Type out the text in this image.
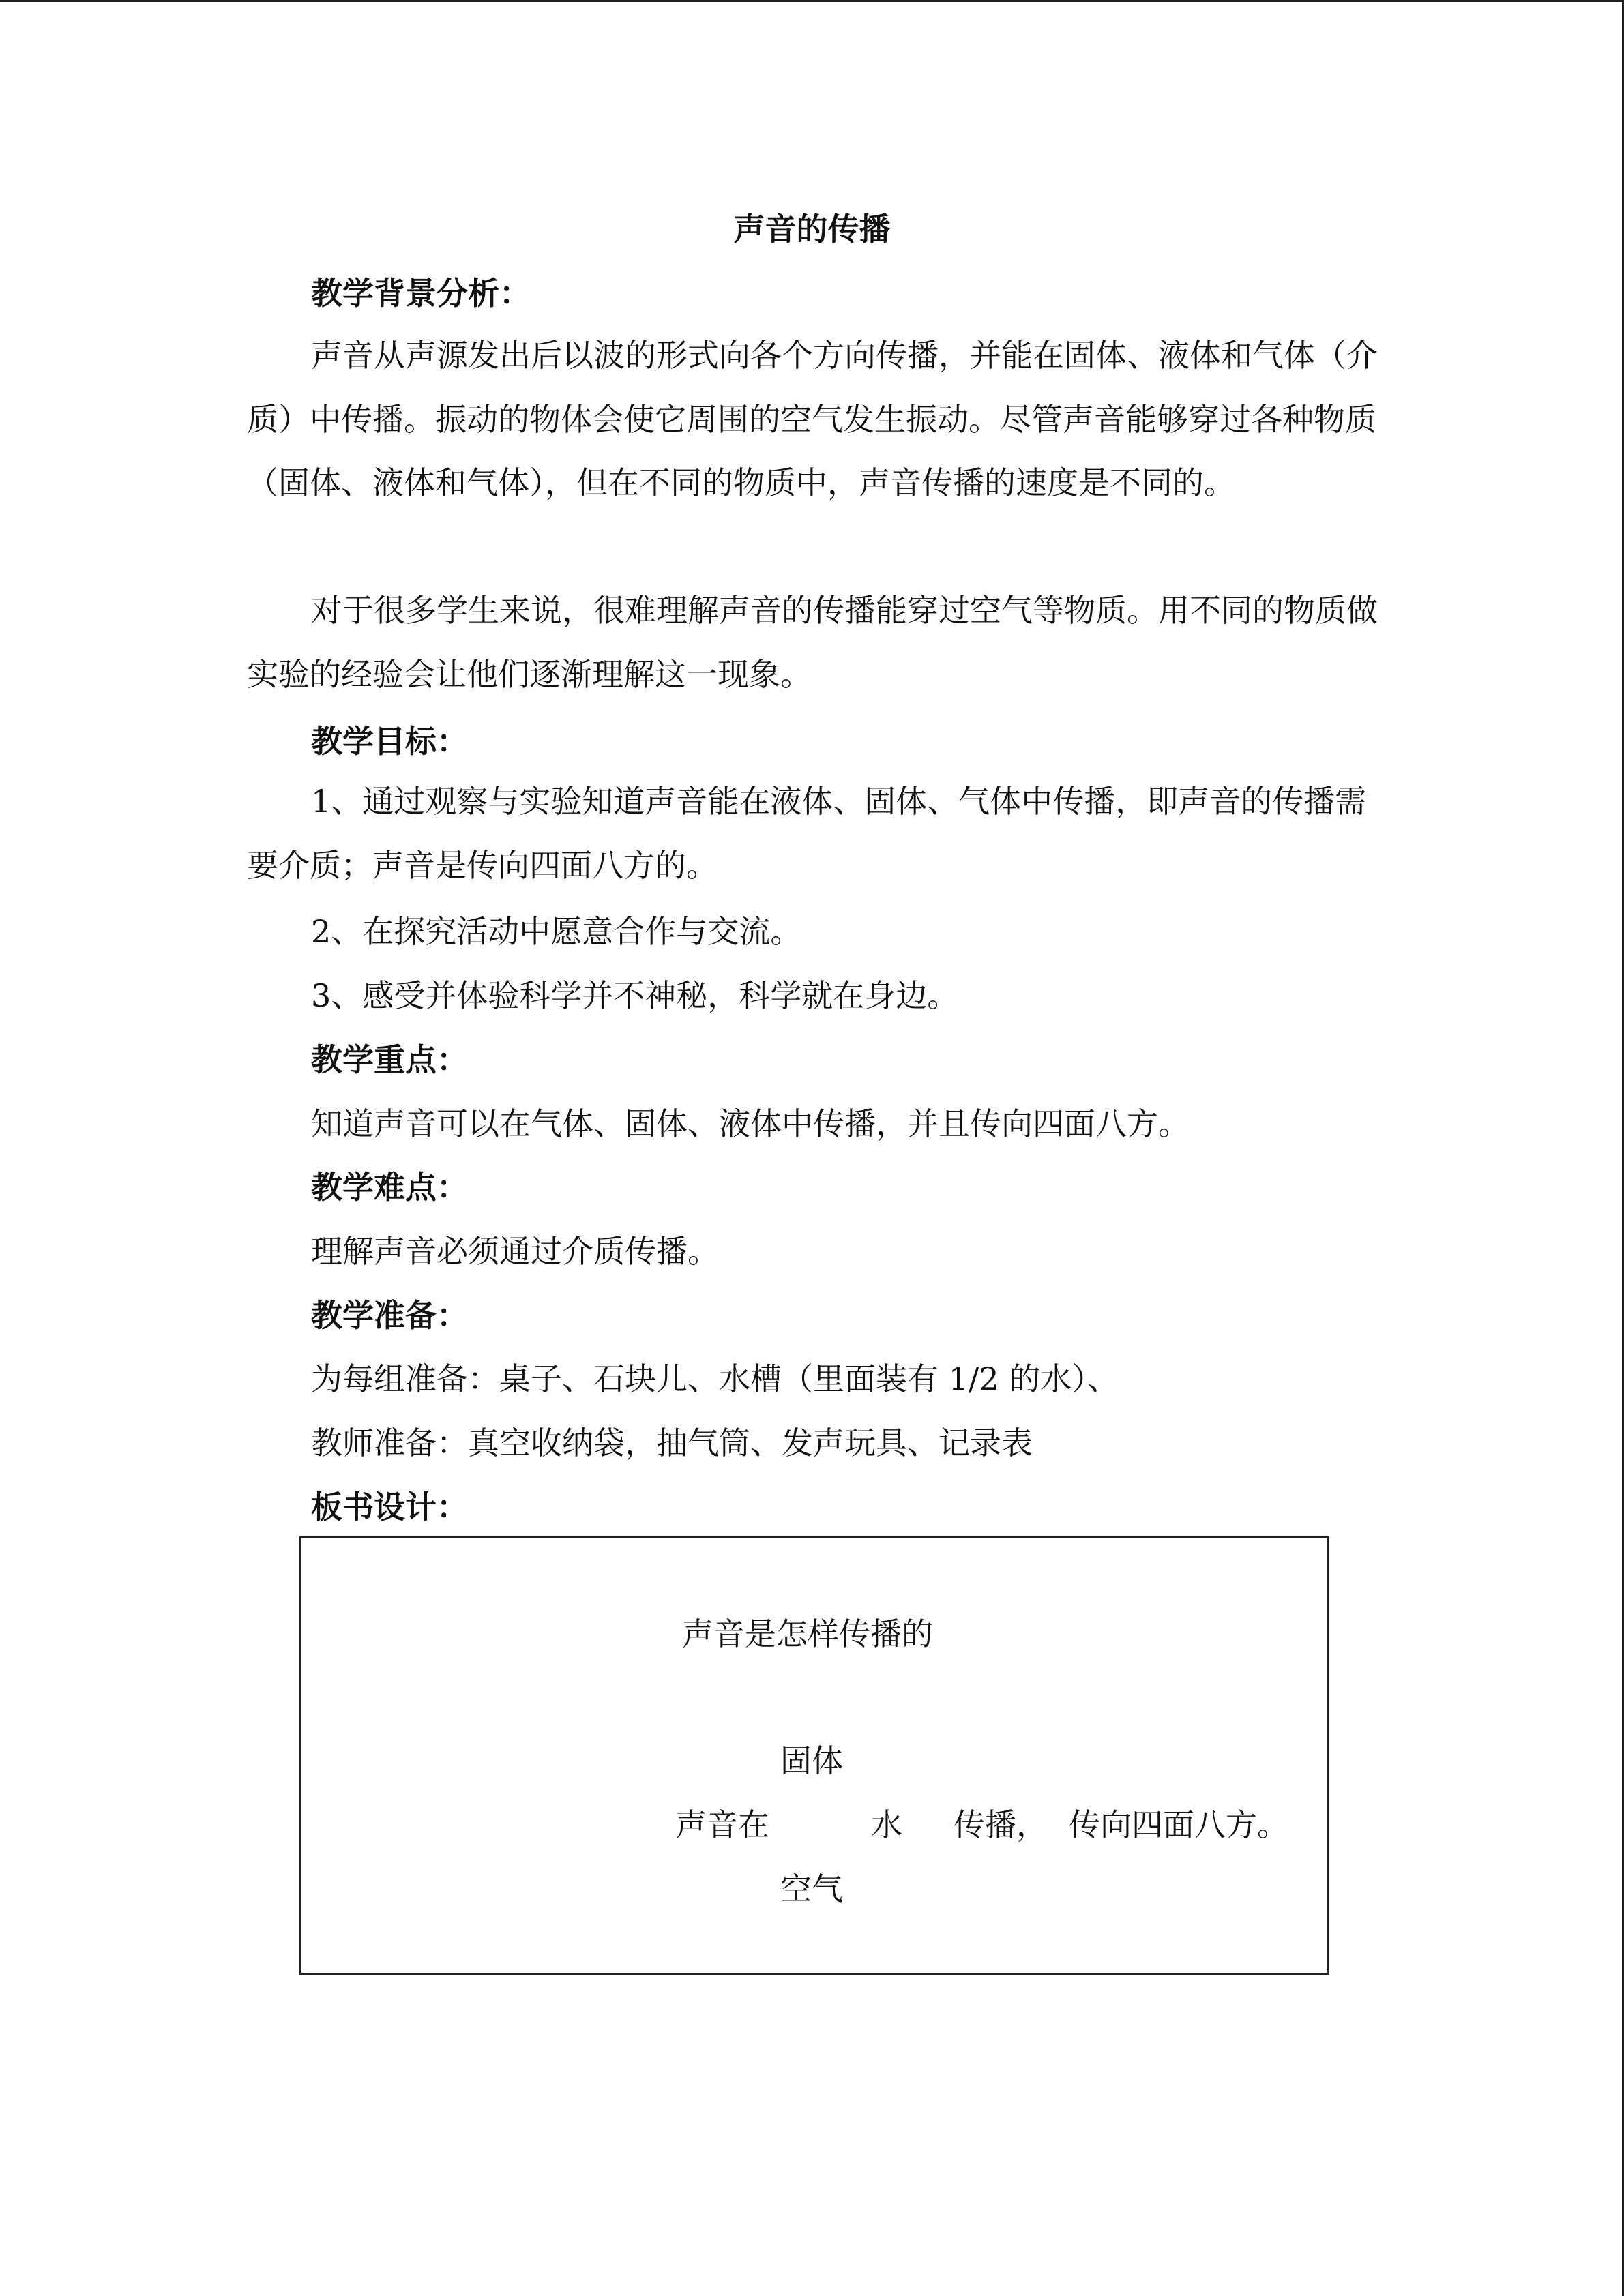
声音的传播
教学背景分析：
声音从声源发出后以波的形式向各个方向传播，并能在固体、液体和气体（介质）中传播。振动的物体会使它周围的空气发生振动。尽管声音能够穿过各种物质（固体、液体和气体），但在不同的物质中，声音传播的速度是不同的。
对于很多学生来说，很难理解声音的传播能穿过空气等物质。用不同的物质做实验的经验会让他们逐渐理解这一现象。
教学目标：
1、通过观察与实验知道声音能在液体、固体、气体中传播，即声音的传播需要介质；声音是传向四面八方的。
2、在探究活动中愿意合作与交流。
3、感受并体验科学并不神秘，科学就在身边。
教学重点：
知道声音可以在气体、固体、液体中传播，并且传向四面八方。
教学难点：
理解声音必须通过介质传播。
教学准备：
为每组准备：桌子、石块儿、水槽（里面装有 1/2 的水）、
教师准备：真空收纳袋，抽气筒、发声玩具、记录表
板书设计：
声音是怎样传播的
固体
声音在	水 传播， 传向四面八方。
空气
